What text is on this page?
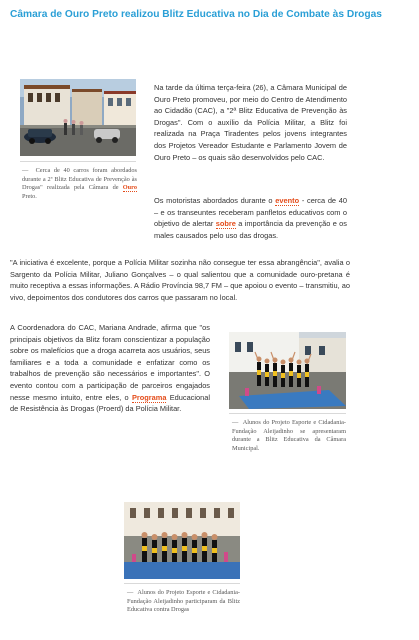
Câmara de Ouro Preto realizou Blitz Educativa no Dia de Combate às Drogas
—  Cerca de 40 carros foram abordados durante a 2ª Blitz Educativa de Prevenção às Drogas" realizada pela Câmara de Ouro Preto.

Na tarde da última terça-feira (26), a Câmara Municipal de Ouro Preto promoveu, por meio do Centro de Atendimento ao Cidadão (CAC), a "2ª Blitz Educativa de Prevenção às Drogas". Com o auxílio da Polícia Militar, a Blitz foi realizada na Praça Tiradentes pelos jovens integrantes dos Projetos Vereador Estudante e Parlamento Jovem de Ouro Preto – os quais são desenvolvidos pelo CAC.

Os motoristas abordados durante o evento - cerca de 40 – e os transeuntes receberam panfletos educativos com o objetivo de alertar sobre a importância da prevenção e os males causados pelo uso das drogas.

"A iniciativa é excelente, porque a Polícia Militar sozinha não consegue ter essa abrangência", avalia o Sargento da Polícia Militar, Juliano Gonçalves – o qual salientou que a comunidade ouro-pretana é muito receptiva a essas informações. A Rádio Província 98,7 FM – que apoiou o evento – transmitiu, ao vivo, depoimentos dos condutores dos carros que passaram no local.

A Coordenadora do CAC, Mariana Andrade, afirma que "os principais objetivos da Blitz foram conscientizar a população sobre os malefícios que a droga acarreta aos usuários, seus familiares e a toda a comunidade e enfatizar como os trabalhos de prevenção são necessários e importantes". O evento contou com a participação de parceiros engajados nesse mesmo intuito, entre eles, o Programa Educacional de Resistência às Drogas (Proerd) da Polícia Militar.

—  Alunos do Projeto Esporte e Cidadania-Fundação Aleijadinho se apresentaram durante a Blitz Educativa da Câmara Municipal.
—  Alunos do Projeto Esporte e Cidadania-Fundação Aleijadinho participaram da Blitz Educativa contra Drogas
